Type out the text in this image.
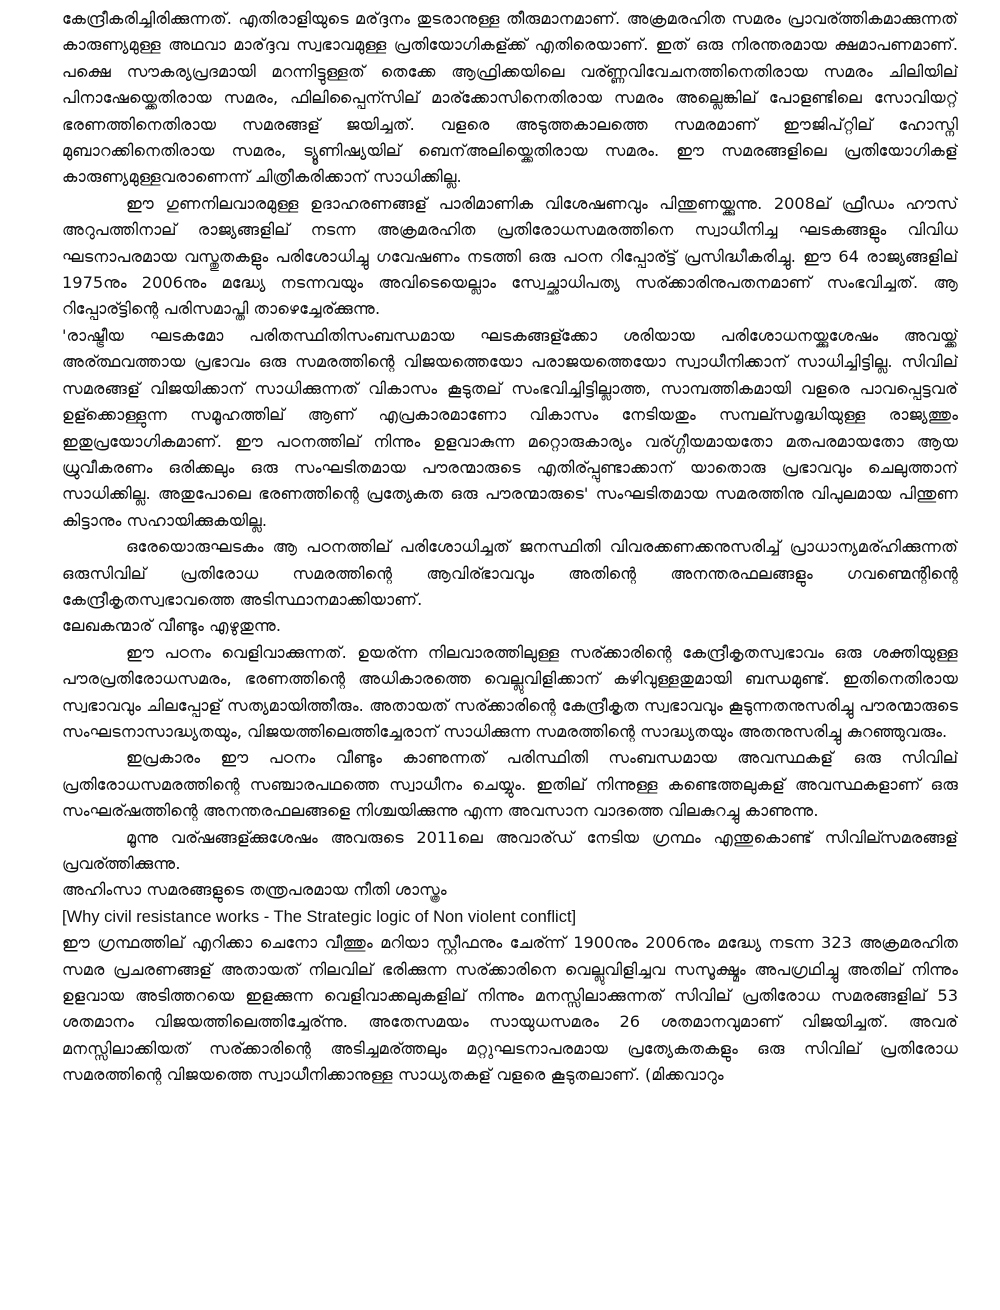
കേന്ദ്രീകരിച്ചിരിക്കുന്നത്. എതിരാളിയുടെ മര്ദ്ദനം തുടരാനുള്ള തീരുമാനമാണ്. അക്രമരഹിത സമരം പ്രാവര്ത്തികമാക്കുന്നത് കാരുണ്യമുള്ള അഥവാ മാര്ദ്ദവ സ്വഭാവമുള്ള പ്രതിയോഗികള്ക്ക് എതിരെയാണ്. ഇത് ഒരു നിരന്തരമായ ക്ഷമാപണമാണ്. പക്ഷെ സൗകര്യപ്രദമായി മറന്നിട്ടുള്ളത് തെക്കേ ആഫ്രിക്കയിലെ വര്ണ്ണവിവേചനത്തിനെതിരായ സമരം ചിലിയില് പിനാഷേയ്ക്കെതിരായ സമരം, ഫിലിപ്പൈന്സില് മാര്ക്കോസിനെതിരായ സമരം അല്ലെങ്കില് പോളണ്ടിലെ സോവിയറ്റ് ഭരണത്തിനെതിരായ സമരങ്ങള് ജയിച്ചത്. വളരെ അടുത്തകാലത്തെ സമരമാണ് ഈജിപ്റ്റില് ഹോസ്നി മുബാറക്കിനെതിരായ സമരം, ട്യൂണിഷ്യയില് ബെന്അലിയ്ക്കെതിരായ സമരം. ഈ സമരങ്ങളിലെ പ്രതിയോഗികള് കാരുണ്യമുള്ളവരാണെന്ന് ചിത്രീകരിക്കാന് സാധിക്കില്ല.

ഈ ഗുണനിലവാരമുള്ള ഉദാഹരണങ്ങള് പാരിമാണിക വിശേഷണവും പിന്തുണയ്ക്കുന്നു. 2008ല് ഫ്രീഡം ഹൗസ് അറുപത്തിനാല് രാജ്യങ്ങളില് നടന്ന അക്രമരഹിത പ്രതിരോധസമരത്തിനെ സ്വാധീനിച്ച ഘടകങ്ങളും വിവിധ ഘടനാപരമായ വസ്തുതകളും പരിശോധിച്ചു ഗവേഷണം നടത്തി ഒരു പഠന റിപ്പോര്ട്ട് പ്രസിദ്ധീകരിച്ചു. ഈ 64 രാജ്യങ്ങളില് 1975നും 2006നും മദ്ധ്യേ നടന്നവയും അവിടെയെല്ലാം സ്വേച്ഛാധിപത്യ സര്ക്കാരിനുപതനമാണ് സംഭവിച്ചത്. ആ റിപ്പോര്ട്ടിന്റെ പരിസമാപ്തി താഴെച്ചേര്ക്കുന്നു.

'രാഷ്ട്രീയ ഘടകമോ പരിതസ്ഥിതിസംബന്ധമായ ഘടകങ്ങള്ക്കോ ശരിയായ പരിശോധനയ്ക്കുശേഷം അവയ്ക്ക് അര്ത്ഥവത്തായ പ്രഭാവം ഒരു സമരത്തിന്റെ വിജയത്തെയോ പരാജയത്തെയോ സ്വാധീനിക്കാന് സാധിച്ചിട്ടില്ല. സിവില് സമരങ്ങള് വിജയിക്കാന് സാധിക്കുന്നത് വികാസം കൂടുതല് സംഭവിച്ചിട്ടില്ലാത്ത, സാമ്പത്തികമായി വളരെ പാവപ്പെട്ടവര് ഉള്ക്കൊള്ളുന്ന സമൂഹത്തില് ആണ് എപ്രകാരമാണോ വികാസം നേടിയതും സമ്പല്സമൃദ്ധിയുള്ള രാജ്യത്തും ഇതുപ്രയോഗികമാണ്. ഈ പഠനത്തില് നിന്നും ഉളവാകുന്ന മറ്റൊരുകാര്യം വര്ഗ്ഗീയമായതോ മതപരമായതോ ആയ ധ്രുവീകരണം ഒരിക്കലും ഒരു സംഘടിതമായ പൗരന്മാരുടെ എതിര്പ്പുണ്ടാക്കാന് യാതൊരു പ്രഭാവവും ചെലുത്താന് സാധിക്കില്ല. അതുപോലെ ഭരണത്തിന്റെ പ്രത്യേകത ഒരു പൗരന്മാരുടെ' സംഘടിതമായ സമരത്തിനു വിപുലമായ പിന്തുണ കിട്ടാനും സഹായിക്കുകയില്ല.

ഒരേയൊരുഘടകം ആ പഠനത്തില് പരിശോധിച്ചത് ജനസ്ഥിതി വിവരക്കണക്കനുസരിച്ച് പ്രാധാന്യമര്ഹിക്കുന്നത് ഒരുസിവില് പ്രതിരോധ സമരത്തിന്റെ ആവിര്ഭാവവും അതിന്റെ അനന്തരഫലങ്ങളും ഗവണ്മെന്റിന്റെ കേന്ദ്രീകൃതസ്വഭാവത്തെ അടിസ്ഥാനമാക്കിയാണ്.

ലേഖകന്മാര് വീണ്ടും എഴുതുന്നു.

ഈ പഠനം വെളിവാക്കുന്നത്. ഉയര്ന്ന നിലവാരത്തിലുള്ള സര്ക്കാരിന്റെ കേന്ദ്രീകൃതസ്വഭാവം ഒരു ശക്തിയുള്ള പൗരപ്രതിരോധസമരം, ഭരണത്തിന്റെ അധികാരത്തെ വെല്ലുവിളിക്കാന് കഴിവുള്ളതുമായി ബന്ധമുണ്ട്. ഇതിനെതിരായ സ്വഭാവവും ചിലപ്പോള് സത്യമായിത്തീരും. അതായത് സര്ക്കാരിന്റെ കേന്ദ്രീകൃത സ്വഭാവവും കൂടുന്നതനുസരിച്ചു പൗരന്മാരുടെ സംഘടനാസാദ്ധ്യതയും, വിജയത്തിലെത്തിച്ചേരാന് സാധിക്കുന്ന സമരത്തിന്റെ സാദ്ധ്യതയും അതനുസരിച്ചു കുറഞ്ഞുവരും.

ഇപ്രകാരം ഈ പഠനം വീണ്ടും കാണുന്നത് പരിസ്ഥിതി സംബന്ധമായ അവസ്ഥകള് ഒരു സിവില് പ്രതിരോധസമരത്തിന്റെ സഞ്ചാരപഥത്തെ സ്വാധീനം ചെയ്യും. ഇതില് നിന്നുള്ള കണ്ടെത്തലുകള് അവസ്ഥകളാണ് ഒരു സംഘര്ഷത്തിന്റെ അനന്തരഫലങ്ങളെ നിശ്ചയിക്കുന്നു എന്ന അവസാന വാദത്തെ വിലകുറച്ചു കാണുന്നു.

മൂന്നു വര്ഷങ്ങള്ക്കുശേഷം അവരുടെ 2011ലെ അവാര്ഡ് നേടിയ ഗ്രന്ഥം എന്തുകൊണ്ട് സിവില്സമരങ്ങള് പ്രവര്ത്തിക്കുന്നു.

അഹിംസാ സമരങ്ങളുടെ തന്ത്രപരമായ നീതി ശാസ്ത്രം

[Why civil resistance works - The Strategic logic of Non violent conflict]

ഈ ഗ്രന്ഥത്തില് എറിക്കാ ചെനോ വീത്തും മറിയാ സ്റ്റീഫനും ചേര്ന്ന് 1900നും 2006നും മദ്ധ്യേ നടന്ന 323 അക്രമരഹിത സമര പ്രചരണങ്ങള് അതായത് നിലവില് ഭരിക്കുന്ന സര്ക്കാരിനെ വെല്ലുവിളിച്ചവ സസൂക്ഷ്മം അപഗ്രഥിച്ചു അതില് നിന്നും ഉളവായ അടിത്തറയെ ഇളക്കുന്ന വെളിവാക്കലുകളില് നിന്നും മനസ്സിലാക്കുന്നത് സിവില് പ്രതിരോധ സമരങ്ങളില് 53 ശതമാനം വിജയത്തിലെത്തിച്ചേര്ന്നു. അതേസമയം സായുധസമരം 26 ശതമാനവുമാണ് വിജയിച്ചത്. അവര് മനസ്സിലാക്കിയത് സര്ക്കാരിന്റെ അടിച്ചമര്ത്തലും മറ്റുഘടനാപരമായ പ്രത്യേകതകളും ഒരു സിവില് പ്രതിരോധ സമരത്തിന്റെ വിജയത്തെ സ്വാധീനിക്കാനുള്ള സാധ്യതകള് വളരെ കൂടുതലാണ്. (മിക്കവാറും
